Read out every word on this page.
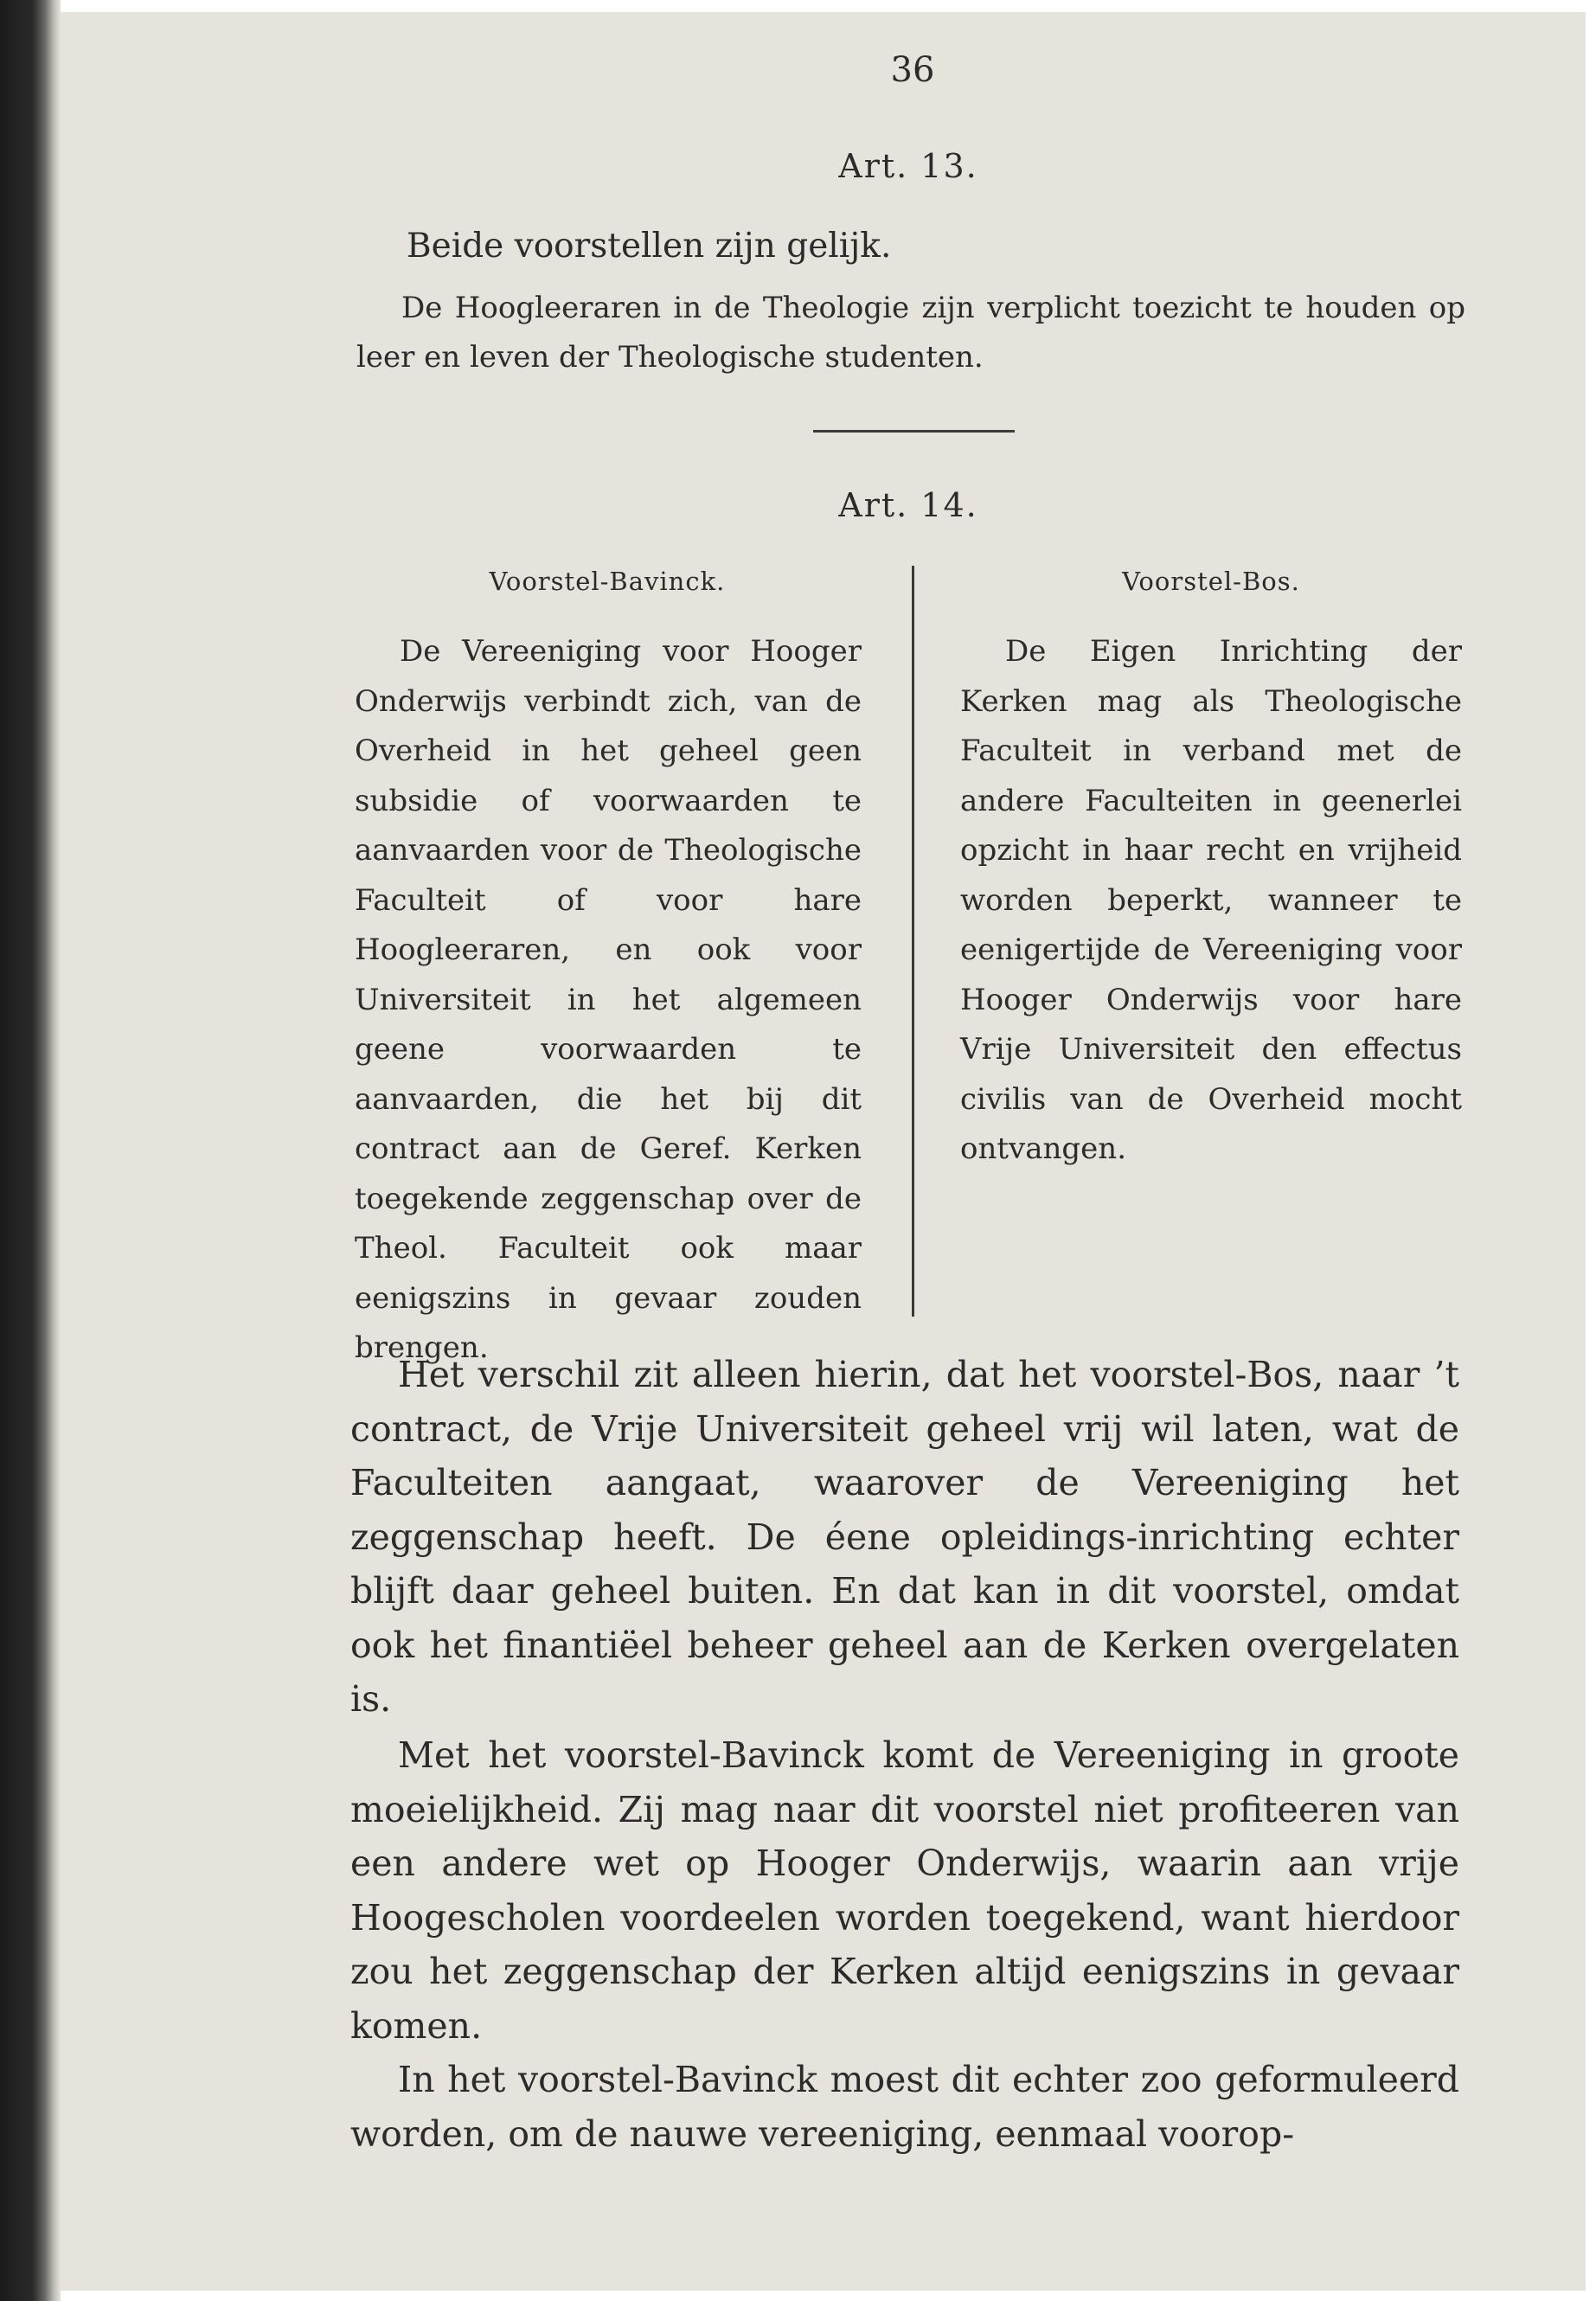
36

Art. 13.

Beide voorstellen zijn gelijk.

De Hoogleeraren in de Theologie zijn verplicht toezicht te houden op leer en leven der Theologische studenten.

Art. 14.

Voorstel-Bavinck.	Voorstel-Bos.

De Vereeniging voor Hooger Onderwijs verbindt zich, van de Overheid in het geheel geen subsidie of voorwaarden te aanvaarden voor de Theologische Faculteit of voor hare Hoogleeraren, en ook voor Universiteit in het algemeen geene voorwaarden te aanvaarden, die het bij dit contract aan de Geref. Kerken toegekende zeggenschap over de Theol. Faculteit ook maar eenigszins in gevaar zouden brengen.

De Eigen Inrichting der Kerken mag als Theologische Faculteit in verband met de andere Faculteiten in geenerlei opzicht in haar recht en vrijheid worden beperkt, wanneer te eenigertijde de Vereeniging voor Hooger Onderwijs voor hare Vrije Universiteit den effectus civilis van de Overheid mocht ontvangen.

Het verschil zit alleen hierin, dat het voorstel-Bos, naar ’t contract, de Vrije Universiteit geheel vrij wil laten, wat de Faculteiten aangaat, waarover de Vereeniging het zeggenschap heeft. De éene opleidings-inrichting echter blijft daar geheel buiten. En dat kan in dit voorstel, omdat ook het finantiëel beheer geheel aan de Kerken overgelaten is.

Met het voorstel-Bavinck komt de Vereeniging in groote moeielijkheid. Zij mag naar dit voorstel niet profiteeren van een andere wet op Hooger Onderwijs, waarin aan vrije Hoogescholen voordeelen worden toegekend, want hierdoor zou het zeggenschap der Kerken altijd eenigszins in gevaar komen.

In het voorstel-Bavinck moest dit echter zoo geformuleerd worden, om de nauwe vereeniging, eenmaal voorop-
